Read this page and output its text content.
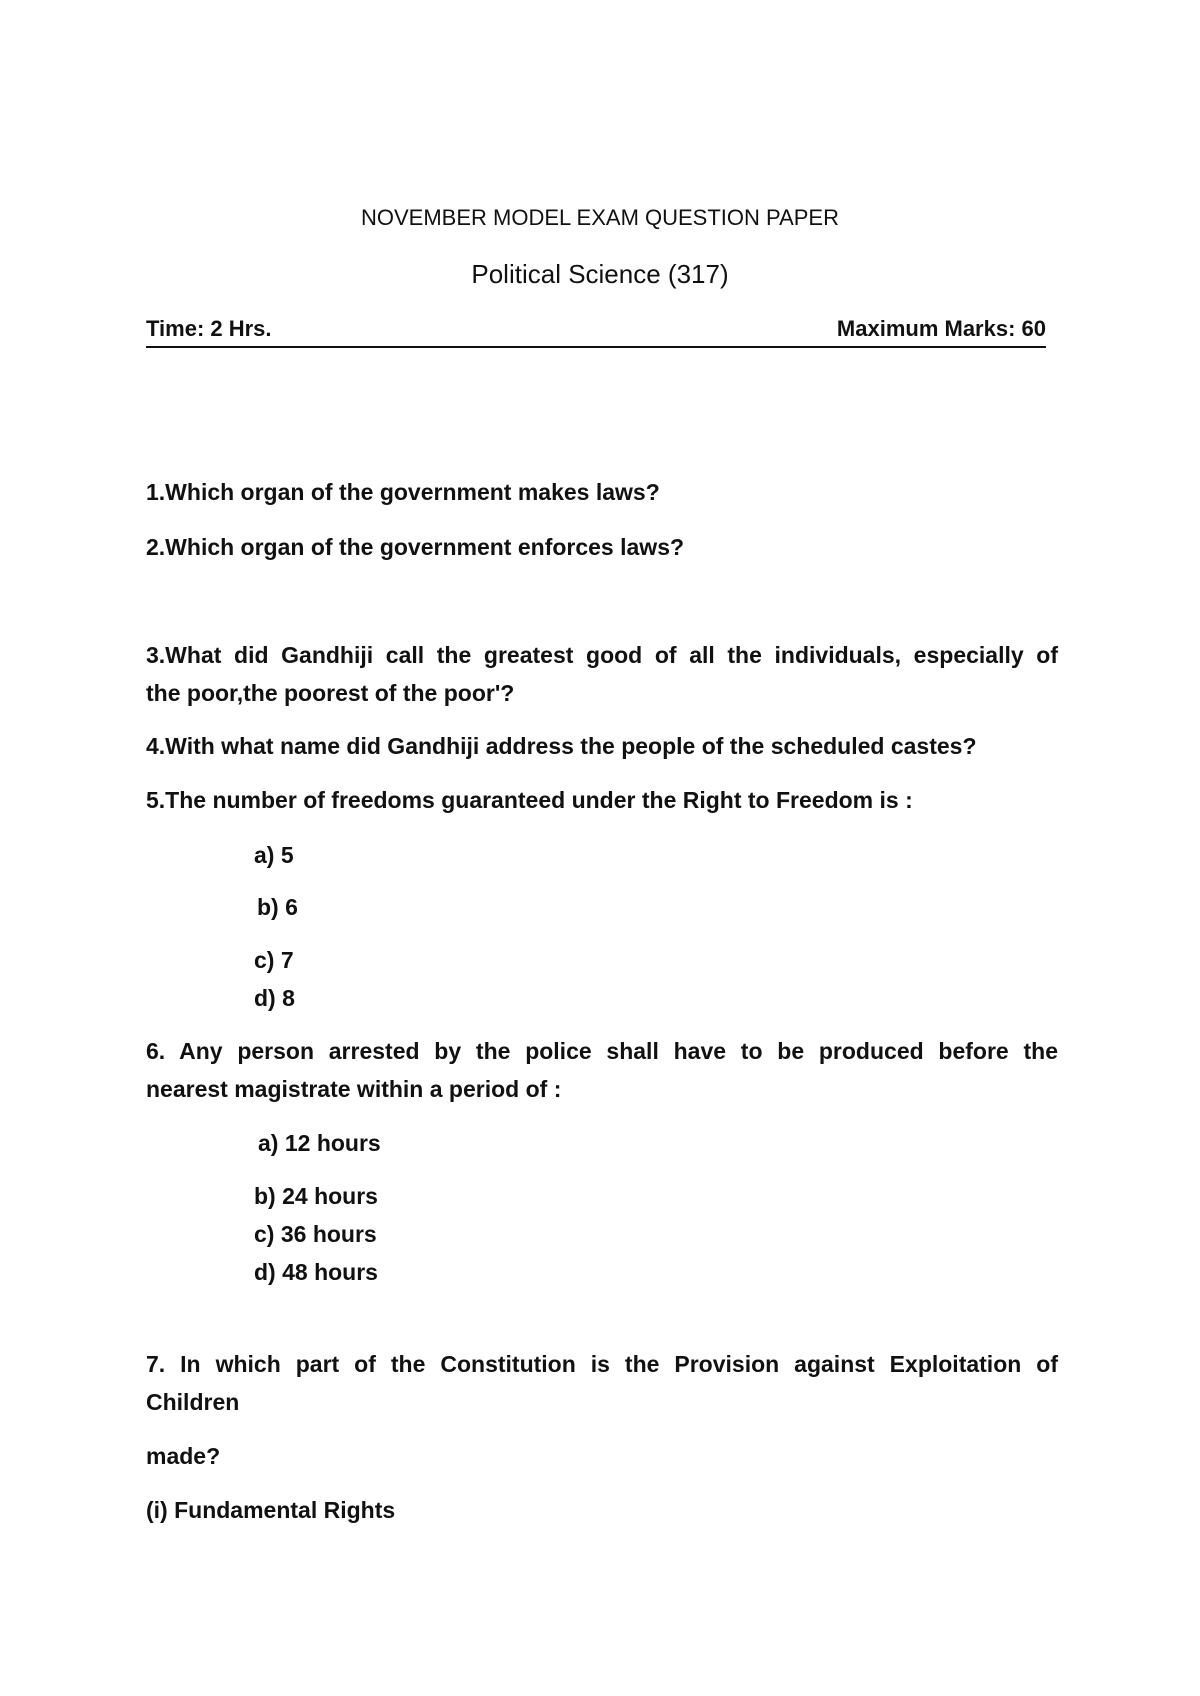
NOVEMBER MODEL EXAM QUESTION PAPER
Political Science (317)
Time: 2 Hrs.	Maximum Marks: 60
1.Which organ of the government makes laws?
2.Which organ of the government enforces laws?
3.What did Gandhiji call the greatest good of all the individuals, especially of
the poor,the poorest of the poor'?
4.With what name did Gandhiji address the people of the scheduled castes?
5.The number of freedoms guaranteed under the Right to Freedom is :
a) 5
b) 6
c) 7
d) 8
6. Any person arrested by the police shall have to be produced before the
nearest magistrate within a period of :
a) 12 hours
b) 24 hours
c) 36 hours
d) 48 hours
7. In which part of the Constitution is the Provision against Exploitation of
Children
made?
(i) Fundamental Rights
